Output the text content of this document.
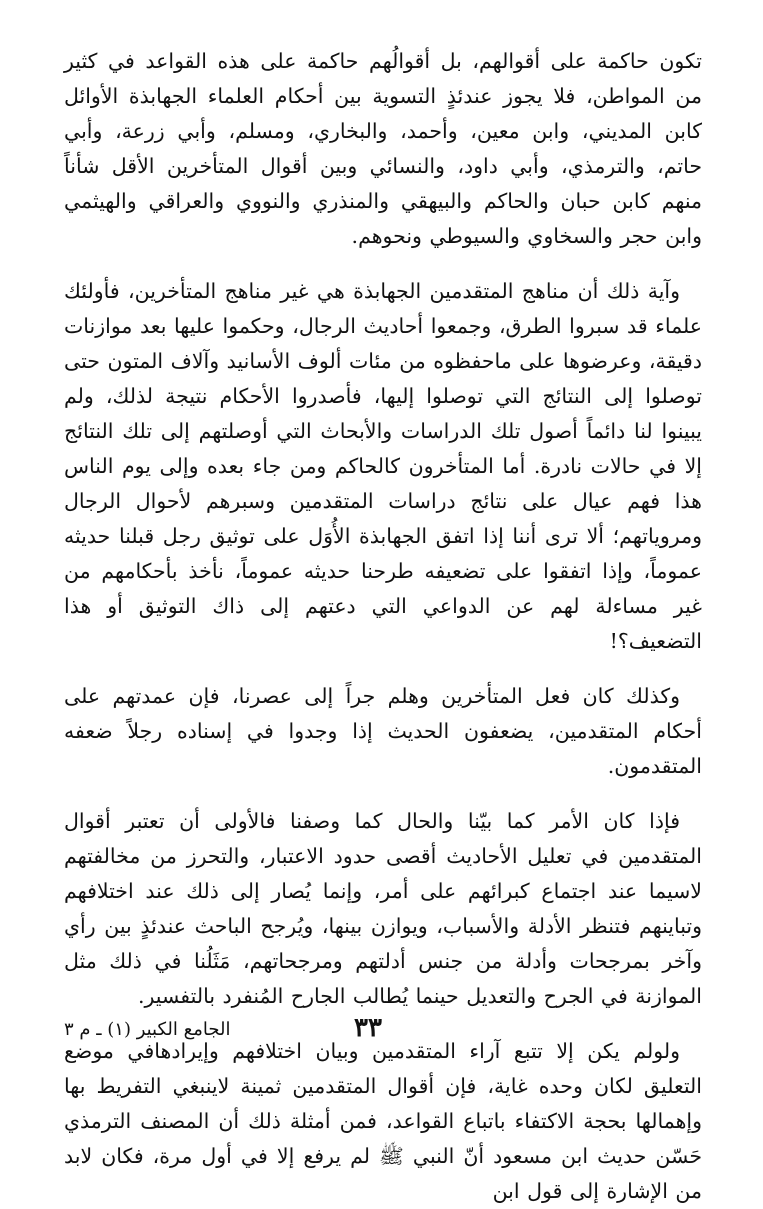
تكون حاكمة على أقوالهم، بل أقوالُهم حاكمة على هذه القواعد في كثير من المواطن، فلا يجوز عندئذٍ التسوية بين أحكام العلماء الجهابذة الأوائل كابن المديني، وابن معين، وأحمد، والبخاري، ومسلم، وأبي زرعة، وأبي حاتم، والترمذي، وأبي داود، والنسائي وبين أقوال المتأخرين الأقل شأناً منهم كابن حبان والحاكم والبيهقي والمنذري والنووي والعراقي والهيثمي وابن حجر والسخاوي والسيوطي ونحوهم.

وآية ذلك أن مناهج المتقدمين الجهابذة هي غير مناهج المتأخرين، فأولئك علماء قد سبروا الطرق، وجمعوا أحاديث الرجال، وحكموا عليها بعد موازنات دقيقة، وعرضوها على ماحفظوه من مئات ألوف الأسانيد وآلاف المتون حتى توصلوا إلى النتائج التي توصلوا إليها، فأصدروا الأحكام نتيجة لذلك، ولم يبينوا لنا دائماً أصول تلك الدراسات والأبحاث التي أوصلتهم إلى تلك النتائج إلا في حالات نادرة. أما المتأخرون كالحاكم ومن جاء بعده وإلى يوم الناس هذا فهم عيال على نتائج دراسات المتقدمين وسبرهم لأحوال الرجال ومروياتهم؛ ألا ترى أننا إذا اتفق الجهابذة الأُوَل على توثيق رجل قبلنا حديثه عموماً، وإذا اتفقوا على تضعيفه طرحنا حديثه عموماً، نأخذ بأحكامهم من غير مساءلة لهم عن الدواعي التي دعتهم إلى ذاك التوثيق أو هذا التضعيف؟!

وكذلك كان فعل المتأخرين وهلم جراً إلى عصرنا، فإن عمدتهم على أحكام المتقدمين، يضعفون الحديث إذا وجدوا في إسناده رجلاً ضعفه المتقدمون.

فإذا كان الأمر كما بيّنا والحال كما وصفنا فالأولى أن تعتبر أقوال المتقدمين في تعليل الأحاديث أقصى حدود الاعتبار، والتحرز من مخالفتهم لاسيما عند اجتماع كبرائهم على أمر، وإنما يُصار إلى ذلك عند اختلافهم وتباينهم فتنظر الأدلة والأسباب، ويوازن بينها، ويُرجح الباحث عندئذٍ بين رأي وآخر بمرجحات وأدلة من جنس أدلتهم ومرجحاتهم، مَثَلُنا في ذلك مثل الموازنة في الجرح والتعديل حينما يُطالب الجارح المُنفرد بالتفسير.

ولولم يكن إلا تتبع آراء المتقدمين وبيان اختلافهم وإيرادهافي موضع التعليق لكان وحده غاية، فإن أقوال المتقدمين ثمينة لاينبغي التفريط بها وإهمالها بحجة الاكتفاء باتباع القواعد، فمن أمثلة ذلك أن المصنف الترمذي حَسّن حديث ابن مسعود أنّ النبي ﷺ لم يرفع إلا في أول مرة، فكان لابد من الإشارة إلى قول ابن

٣٣
الجامع الكبير (١) ـ م ٣
